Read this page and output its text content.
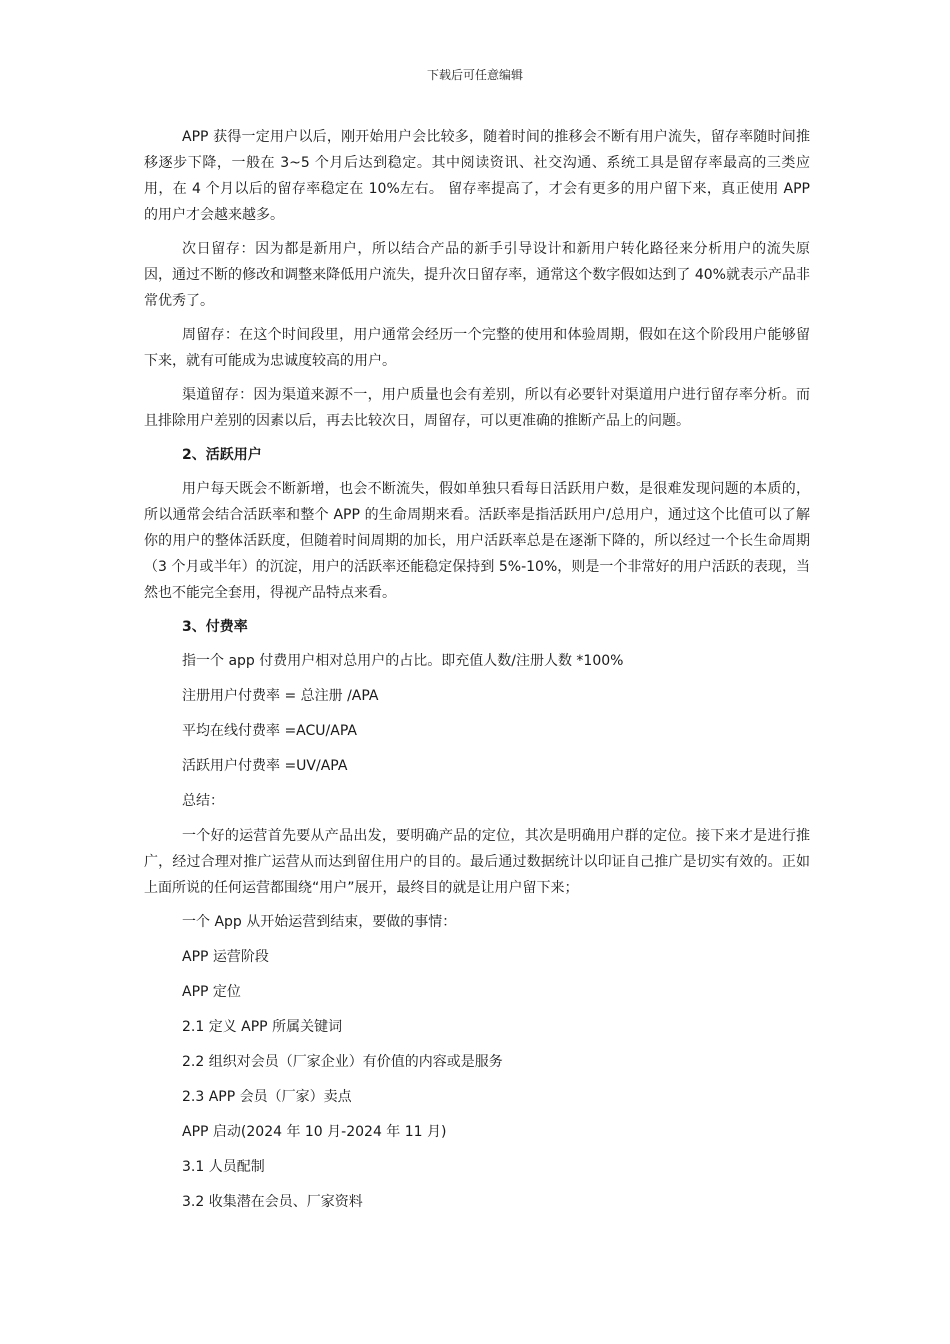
下载后可任意编辑

APP 获得一定用户以后，刚开始用户会比较多，随着时间的推移会不断有用户流失，留存率随时间推移逐步下降，一般在 3~5 个月后达到稳定。其中阅读资讯、社交沟通、系统工具是留存率最高的三类应用，在 4 个月以后的留存率稳定在 10%左右。 留存率提高了，才会有更多的用户留下来，真正使用 APP 的用户才会越来越多。

次日留存：因为都是新用户，所以结合产品的新手引导设计和新用户转化路径来分析用户的流失原因，通过不断的修改和调整来降低用户流失，提升次日留存率，通常这个数字假如达到了 40%就表示产品非常优秀了。

周留存：在这个时间段里，用户通常会经历一个完整的使用和体验周期，假如在这个阶段用户能够留下来，就有可能成为忠诚度较高的用户。

渠道留存：因为渠道来源不一，用户质量也会有差别，所以有必要针对渠道用户进行留存率分析。而且排除用户差别的因素以后，再去比较次日，周留存，可以更准确的推断产品上的问题。

2、活跃用户

用户每天既会不断新增，也会不断流失，假如单独只看每日活跃用户数，是很难发现问题的本质的，所以通常会结合活跃率和整个 APP 的生命周期来看。活跃率是指活跃用户/总用户，通过这个比值可以了解你的用户的整体活跃度，但随着时间周期的加长，用户活跃率总是在逐渐下降的，所以经过一个长生命周期（3 个月或半年）的沉淀，用户的活跃率还能稳定保持到 5%-10%，则是一个非常好的用户活跃的表现，当然也不能完全套用，得视产品特点来看。

3、付费率

指一个 app 付费用户相对总用户的占比。即充值人数/注册人数 *100%

注册用户付费率 = 总注册 /APA

平均在线付费率 =ACU/APA

活跃用户付费率 =UV/APA

总结：

一个好的运营首先要从产品出发，要明确产品的定位，其次是明确用户群的定位。接下来才是进行推广，经过合理对推广运营从而达到留住用户的目的。最后通过数据统计以印证自己推广是切实有效的。正如上面所说的任何运营都围绕“用户”展开，最终目的就是让用户留下来；

一个 App 从开始运营到结束，要做的事情：

APP 运营阶段

APP 定位

2.1 定义 APP 所属关键词

2.2 组织对会员（厂家企业）有价值的内容或是服务

2.3 APP 会员（厂家）卖点

APP 启动(2024 年 10 月-2024 年 11 月)

3.1 人员配制

3.2 收集潜在会员、厂家资料
